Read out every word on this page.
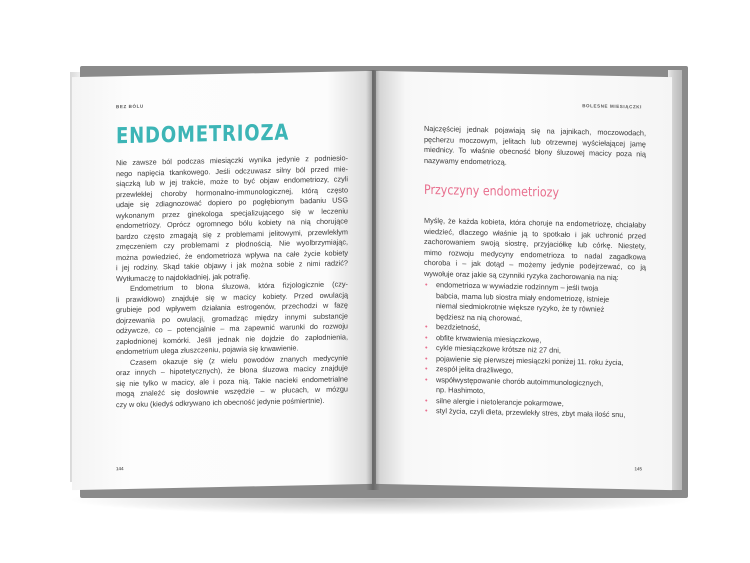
BEZ BÓLU
ENDOMETRIOZA
Nie zawsze ból podczas miesiączki wynika jedynie z podniesio-
nego napięcia tkankowego. Jeśli odczuwasz silny ból przed mie-
siączką lub w jej trakcie, może to być objaw endometriozy, czyli
przewlekłej choroby hormonalno-immunologicznej, którą często
udaje się zdiagnozować dopiero po pogłębionym badaniu USG
wykonanym przez ginekologa specjalizującego się w leczeniu
endometriozy. Oprócz ogromnego bólu kobiety na nią chorujące
bardzo często zmagają się z problemami jelitowymi, przewlekłym
zmęczeniem czy problemami z płodnością. Nie wyolbrzymiając,
można powiedzieć, że endometrioza wpływa na całe życie kobiety
i jej rodziny. Skąd takie objawy i jak można sobie z nimi radzić?
Wytłumaczę to najdokładniej, jak potrafię.
Endometrium to błona śluzowa, która fizjologicznie (czy-
li prawidłowo) znajduje się w macicy kobiety. Przed owulacją
grubieje pod wpływem działania estrogenów, przechodzi w fazę
dojrzewania po owulacji, gromadząc między innymi substancje
odżywcze, co – potencjalnie – ma zapewnić warunki do rozwoju
zapłodnionej komórki. Jeśli jednak nie dojdzie do zapłodnienia,
endometrium ulega złuszczeniu, pojawia się krwawienie.
Czasem okazuje się (z wielu powodów znanych medycynie
oraz innych – hipotetycznych), że błona śluzowa macicy znajduje
się nie tylko w macicy, ale i poza nią. Takie nacieki endometrialne
mogą znaleźć się dosłownie wszędzie – w płucach, w mózgu
czy w oku (kiedyś odkrywano ich obecność jedynie pośmiertnie).
144
BOLESNE MIESIĄCZKI
Najczęściej jednak pojawiają się na jajnikach, moczowodach,
pęcherzu moczowym, jelitach lub otrzewnej wyściełającej jamę
miednicy. To właśnie obecność błony śluzowej macicy poza nią
nazywamy endometriozą.
Przyczyny endometriozy
Myślę, że każda kobieta, która choruje na endometriozę, chciałaby
wiedzieć, dlaczego właśnie ją to spotkało i jak uchronić przed
zachorowaniem swoją siostrę, przyjaciółkę lub córkę. Niestety,
mimo rozwoju medycyny endometrioza to nadal zagadkowa
choroba i – jak dotąd – możemy jedynie podejrzewać, co ją
wywołuje oraz jakie są czynniki ryzyka zachorowania na nią:
• endometrioza w wywiadzie rodzinnym – jeśli twoja
babcia, mama lub siostra miały endometriozę, istnieje
niemal siedmiokrotnie większe ryzyko, że ty również
będziesz na nią chorować,
• bezdzietność,
• obfite krwawienia miesiączkowe,
• cykle miesiączkowe krótsze niż 27 dni,
• pojawienie się pierwszej miesiączki poniżej 11. roku życia,
• zespół jelita drażliwego,
• współwystępowanie chorób autoimmunologicznych,
np. Hashimoto,
• silne alergie i nietolerancje pokarmowe,
• styl życia, czyli dieta, przewlekły stres, zbyt mała ilość snu,
145
